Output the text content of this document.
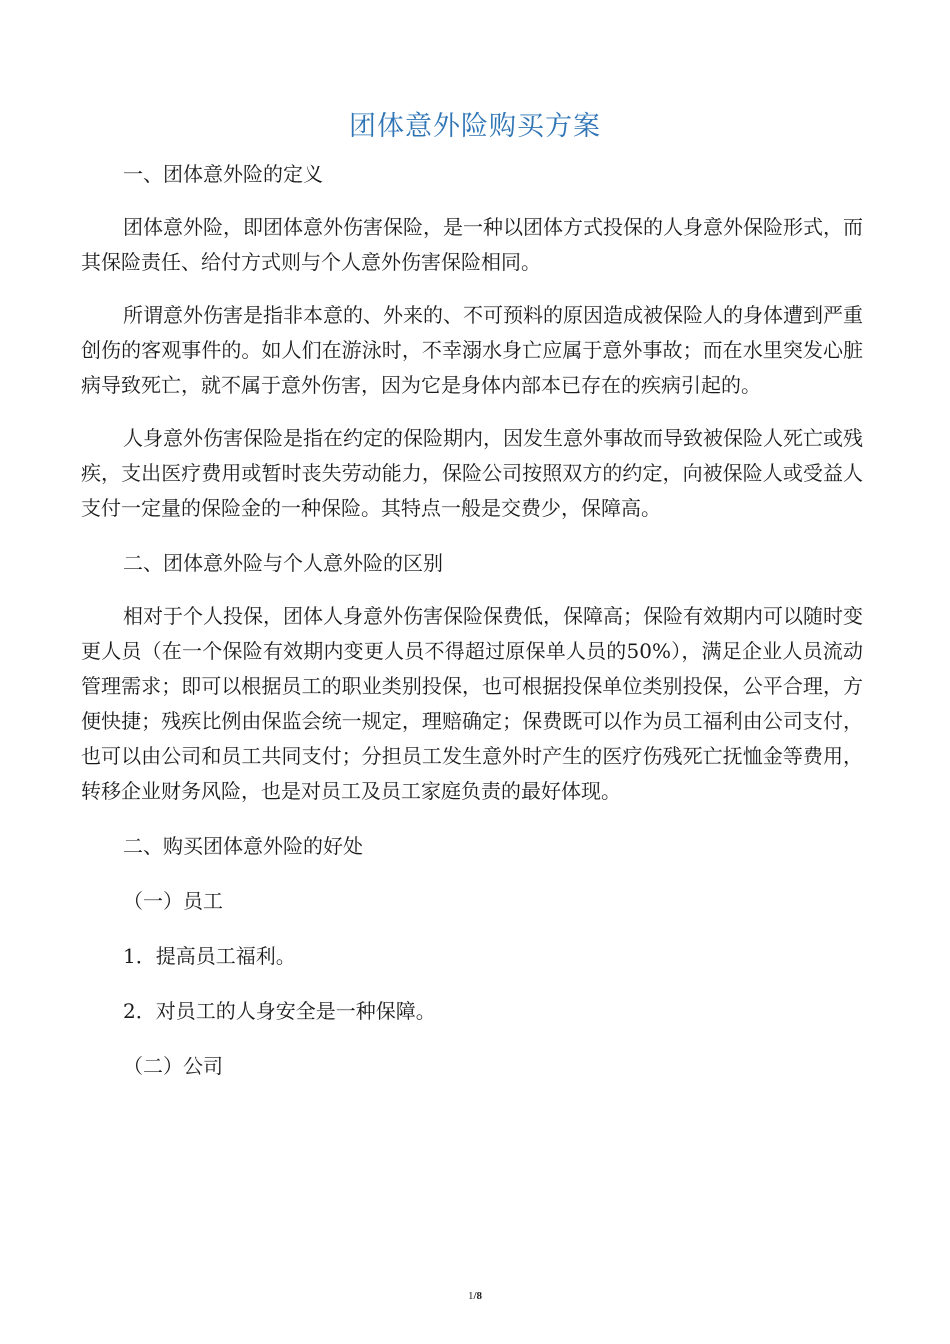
团体意外险购买方案

一、团体意外险的定义

团体意外险，即团体意外伤害保险，是一种以团体方式投保的人身意外保险形式，而其保险责任、给付方式则与个人意外伤害保险相同。

所谓意外伤害是指非本意的、外来的、不可预料的原因造成被保险人的身体遭到严重创伤的客观事件的。如人们在游泳时，不幸溺水身亡应属于意外事故；而在水里突发心脏病导致死亡，就不属于意外伤害，因为它是身体内部本已存在的疾病引起的。

人身意外伤害保险是指在约定的保险期内，因发生意外事故而导致被保险人死亡或残疾，支出医疗费用或暂时丧失劳动能力，保险公司按照双方的约定，向被保险人或受益人支付一定量的保险金的一种保险。其特点一般是交费少，保障高。

二、团体意外险与个人意外险的区别

相对于个人投保，团体人身意外伤害保险保费低，保障高；保险有效期内可以随时变更人员（在一个保险有效期内变更人员不得超过原保单人员的50%），满足企业人员流动管理需求；即可以根据员工的职业类别投保，也可根据投保单位类别投保，公平合理，方便快捷；残疾比例由保监会统一规定，理赔确定；保费既可以作为员工福利由公司支付，也可以由公司和员工共同支付；分担员工发生意外时产生的医疗伤残死亡抚恤金等费用，转移企业财务风险，也是对员工及员工家庭负责的最好体现。

二、购买团体意外险的好处

（一）员工

1．提高员工福利。

2．对员工的人身安全是一种保障。

（二）公司

1/8
